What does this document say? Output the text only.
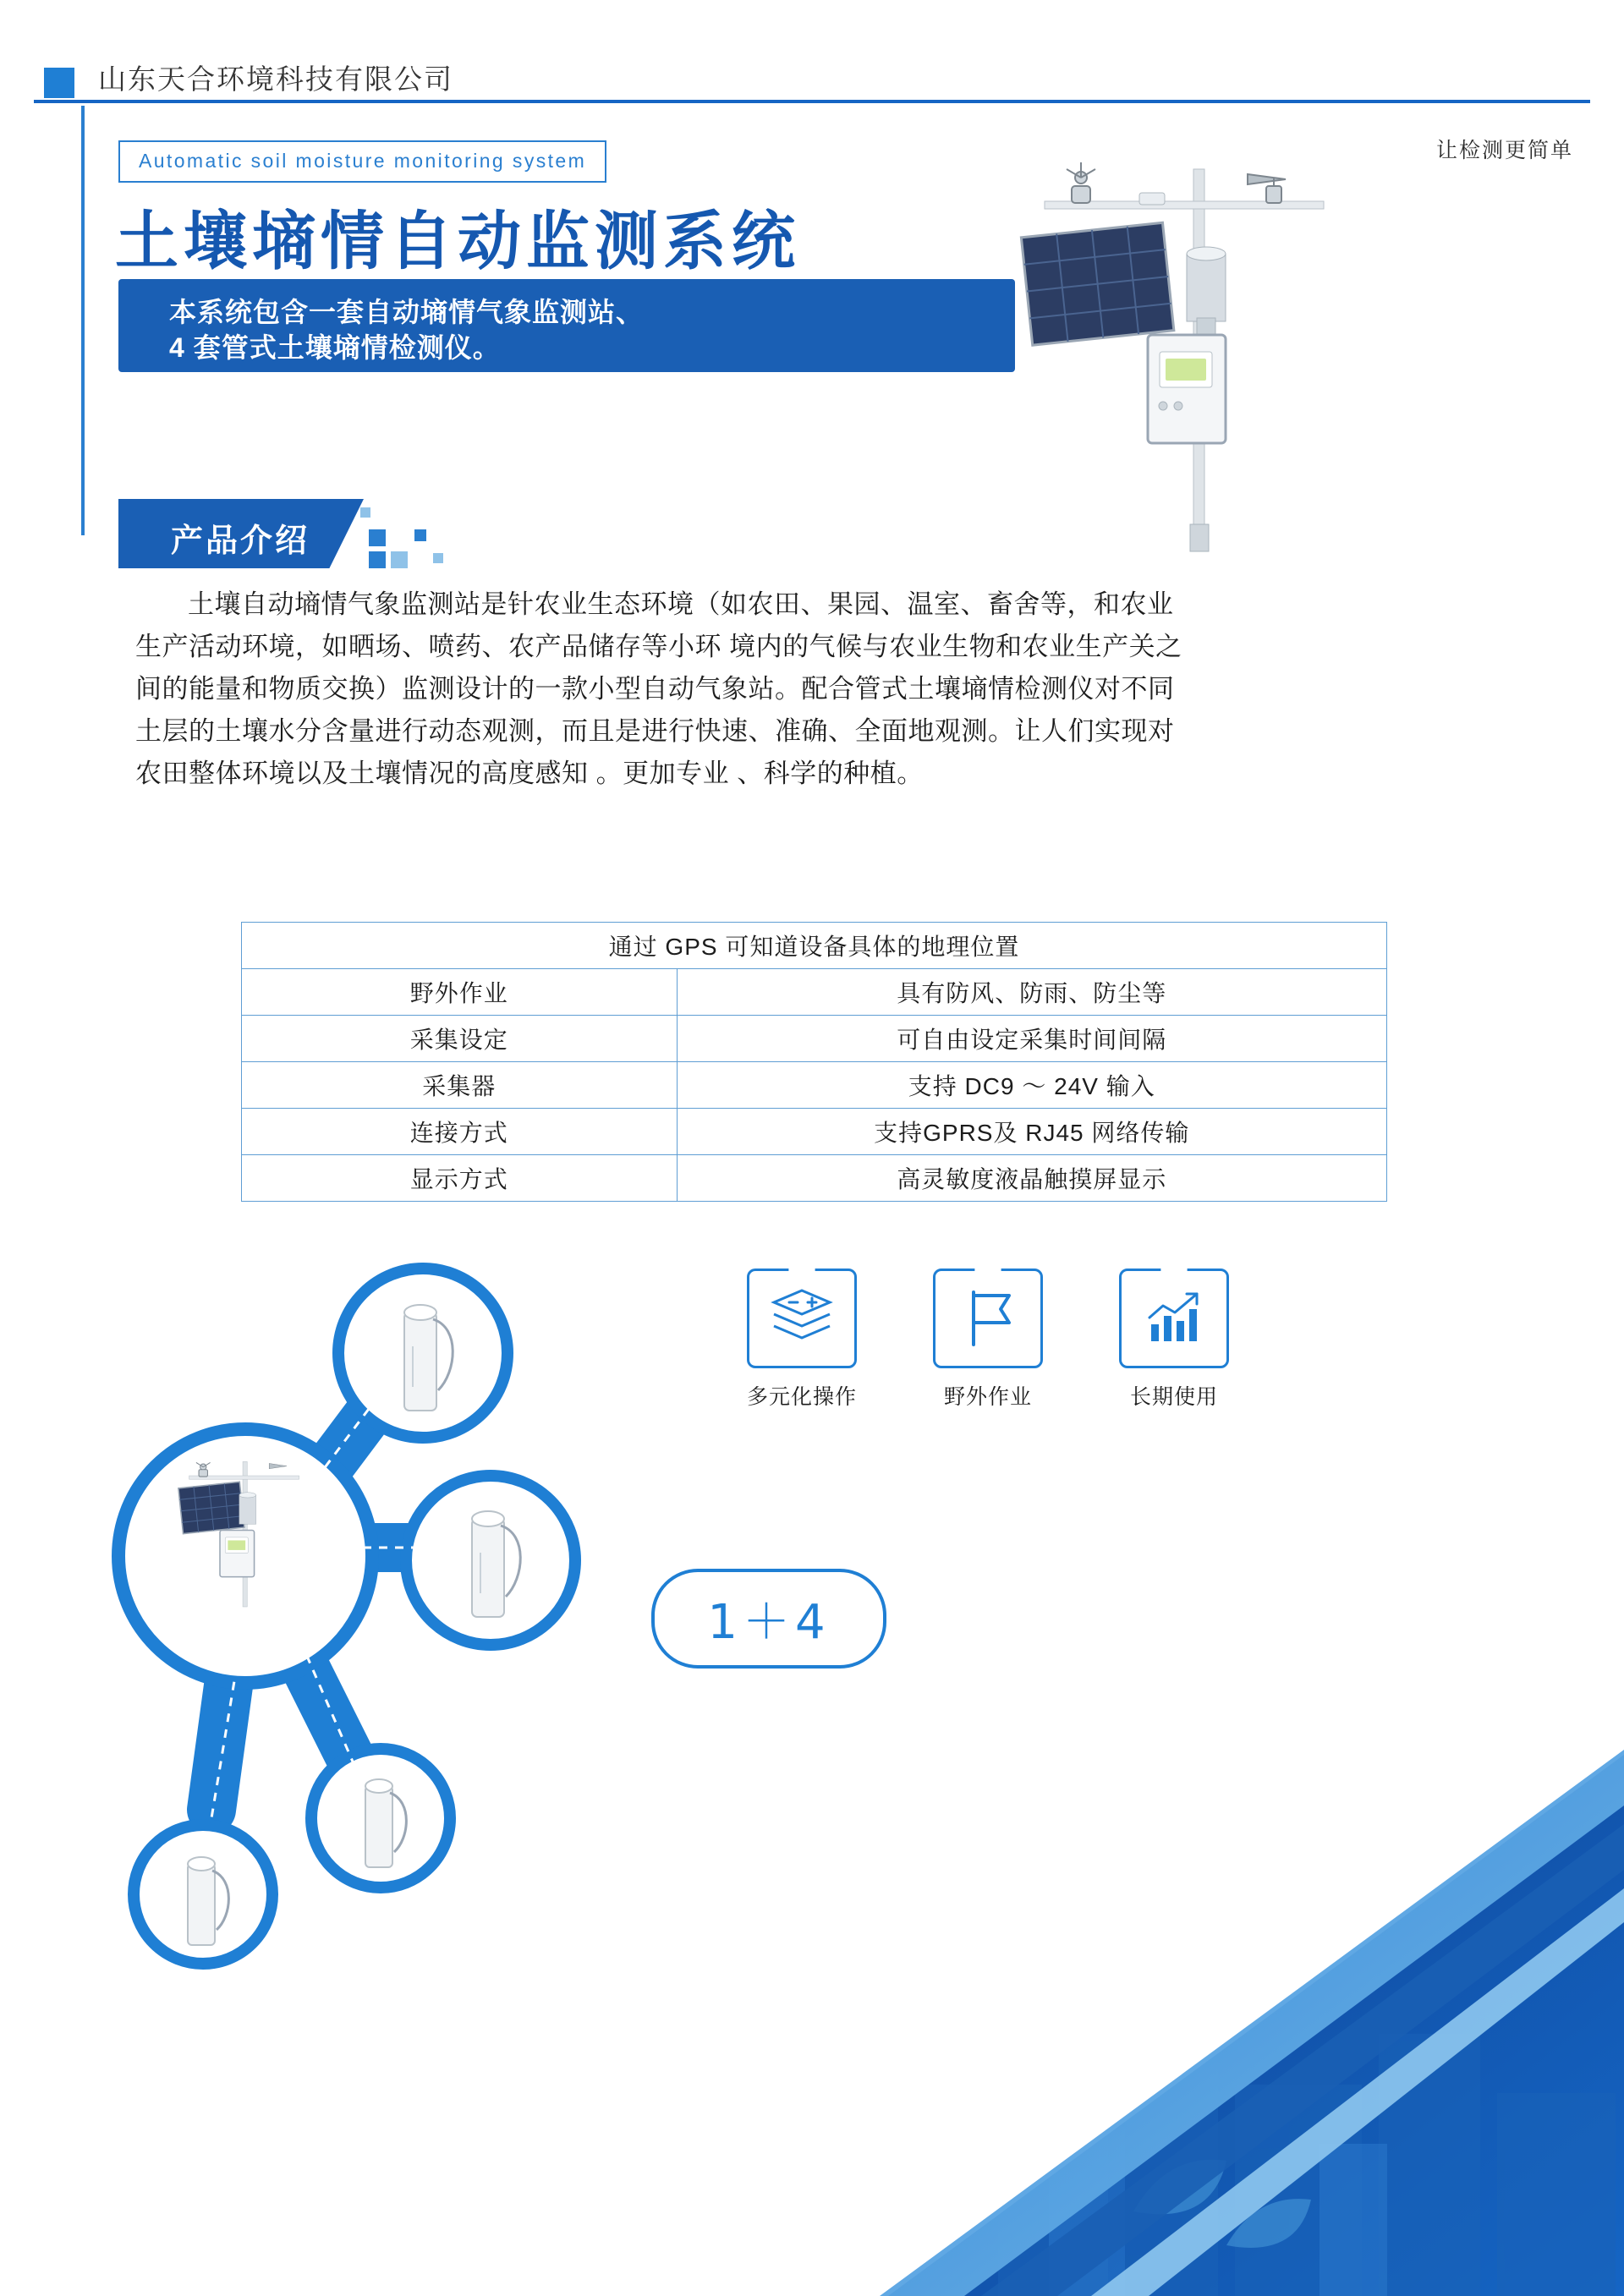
山东天合环境科技有限公司
让检测更简单
Automatic soil moisture monitoring system
土壤墒情自动监测系统
本系统包含一套自动墒情气象监测站、
4 套管式土壤墒情检测仪。
产品介绍
土壤自动墒情气象监测站是针农业生态环境（如农田、果园、温室、畜舍等，和农业生产活动环境，如晒场、喷药、农产品储存等小环 境内的气候与农业生物和农业生产关之间的能量和物质交换）监测设计的一款小型自动气象站。配合管式土壤墒情检测仪对不同土层的土壤水分含量进行动态观测，而且是进行快速、准确、全面地观测。让人们实现对农田整体环境以及土壤情况的高度感知 。更加专业 、科学的种植。
通过 GPS 可知道设备具体的地理位置	
野外作业	具有防风、防雨、防尘等
采集设定	可自由设定采集时间间隔
采集器	支持 DC9 ～ 24V 输入
连接方式	支持GPRS及 RJ45 网络传输
显示方式	高灵敏度液晶触摸屏显示
多元化操作	野外作业	长期使用
1＋4
